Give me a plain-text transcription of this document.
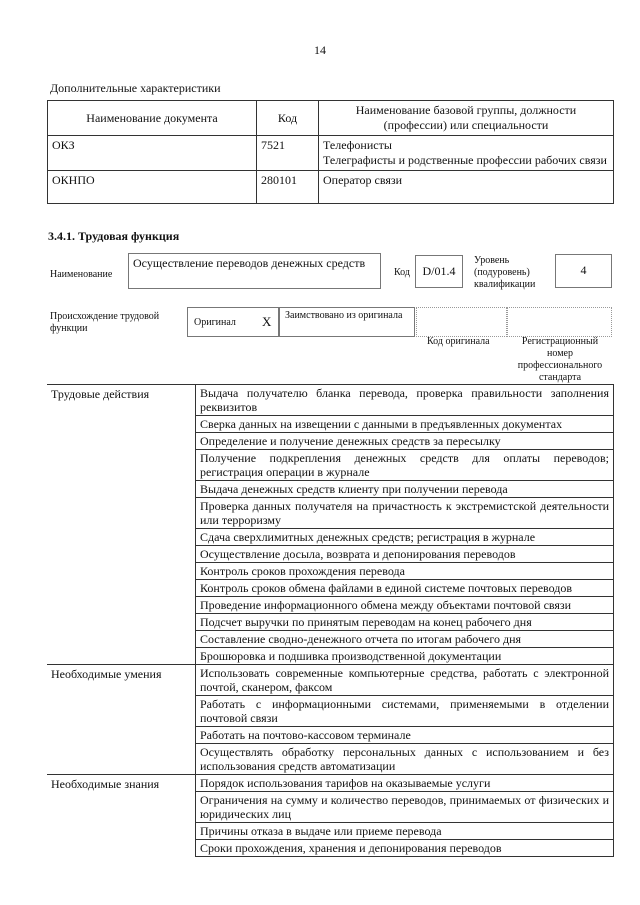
14
Дополнительные характеристики
Наименование документа	Код	Наименование базовой группы, должности (профессии) или специальности
ОКЗ	7521	Телефонисты
Телеграфисты и родственные профессии рабочих связи

ОКНПО	280101	Оператор связи
3.4.1. Трудовая функция
Наименование
Осуществление переводов денежных средств
Код	D/01.4
Уровень (подуровень) квалификации
4
Происхождение трудовой функции
Оригинал X Заимствовано из оригинала
Код оригинала	Регистрационный номер профессионального стандарта
Трудовые действия	Выдача получателю бланка перевода, проверка правильности заполнения реквизитов
	Сверка данных на извещении с данными в предъявленных документах
	Определение и получение денежных средств за пересылку
	Получение подкрепления денежных средств для оплаты переводов; регистрация операции в журнале
	Выдача денежных средств клиенту при получении перевода
	Проверка данных получателя на причастность к экстремистской деятельности или терроризму
	Сдача сверхлимитных денежных средств; регистрация в журнале
	Осуществление досыла, возврата и депонирования переводов
	Контроль сроков прохождения перевода
	Контроль сроков обмена файлами в единой системе почтовых переводов
	Проведение информационного обмена между объектами почтовой связи
	Подсчет выручки по принятым переводам на конец рабочего дня
	Составление сводно-денежного отчета по итогам рабочего дня
	Брошюровка и подшивка производственной документации
Необходимые умения	Использовать современные компьютерные средства, работать с электронной почтой, сканером, факсом
	Работать с информационными системами, применяемыми в отделении почтовой связи
	Работать на почтово-кассовом терминале
	Осуществлять обработку персональных данных с использованием и без использования средств автоматизации
Необходимые знания	Порядок использования тарифов на оказываемые услуги
	Ограничения на сумму и количество переводов, принимаемых от физических и юридических лиц
	Причины отказа в выдаче или приеме перевода
	Сроки прохождения, хранения и депонирования переводов
